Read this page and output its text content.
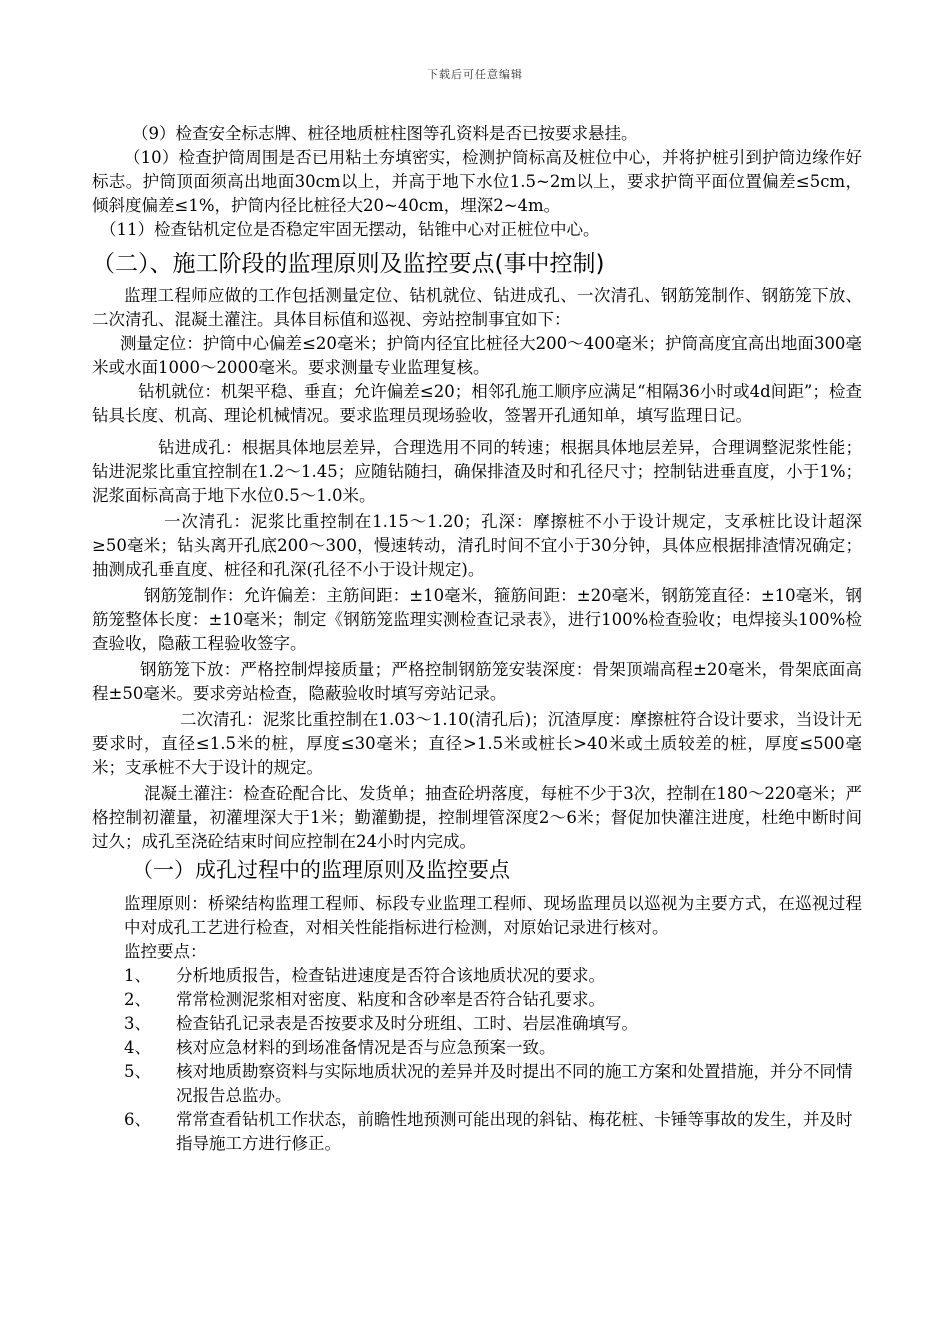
下载后可任意编辑

（9）检查安全标志牌、桩径地质桩柱图等孔资料是否已按要求悬挂。

（10）检查护筒周围是否已用粘土夯填密实，检测护筒标高及桩位中心，并将护桩引到护筒边缘作好标志。护筒顶面须高出地面30cm以上，并高于地下水位1.5~2m以上，要求护筒平面位置偏差≤5cm，倾斜度偏差≤1%，护筒内径比桩径大20~40cm，埋深2~4m。

（11）检查钻机定位是否稳定牢固无摆动，钻锥中心对正桩位中心。

（二）、施工阶段的监理原则及监控要点(事中控制)

监理工程师应做的工作包括测量定位、钻机就位、钻进成孔、一次清孔、钢筋笼制作、钢筋笼下放、二次清孔、混凝土灌注。具体目标值和巡视、旁站控制事宜如下：

测量定位：护筒中心偏差≤20毫米；护筒内径宜比桩径大200～400毫米；护筒高度宜高出地面300毫米或水面1000～2000毫米。要求测量专业监理复核。

钻机就位：机架平稳、垂直；允许偏差≤20；相邻孔施工顺序应满足“相隔36小时或4d间距”；检查钻具长度、机高、理论机械情况。要求监理员现场验收，签署开孔通知单，填写监理日记。

钻进成孔：根据具体地层差异，合理选用不同的转速；根据具体地层差异，合理调整泥浆性能；钻进泥浆比重宜控制在1.2～1.45；应随钻随扫，确保排渣及时和孔径尺寸；控制钻进垂直度，小于1%；泥浆面标高高于地下水位0.5～1.0米。

一次清孔：泥浆比重控制在1.15～1.20；孔深：摩擦桩不小于设计规定，支承桩比设计超深≥50毫米；钻头离开孔底200～300，慢速转动，清孔时间不宜小于30分钟，具体应根据排渣情况确定；抽测成孔垂直度、桩径和孔深(孔径不小于设计规定)。

钢筋笼制作：允许偏差：主筋间距：±10毫米，箍筋间距：±20毫米，钢筋笼直径：±10毫米，钢筋笼整体长度：±10毫米；制定《钢筋笼监理实测检查记录表》，进行100%检查验收；电焊接头100%检查验收，隐蔽工程验收签字。

钢筋笼下放：严格控制焊接质量；严格控制钢筋笼安装深度：骨架顶端高程±20毫米，骨架底面高程±50毫米。要求旁站检查，隐蔽验收时填写旁站记录。

二次清孔：泥浆比重控制在1.03～1.10(清孔后)；沉渣厚度：摩擦桩符合设计要求，当设计无要求时，直径≤1.5米的桩，厚度≤30毫米；直径>1.5米或桩长>40米或土质较差的桩，厚度≤500毫米；支承桩不大于设计的规定。

混凝土灌注：检查砼配合比、发货单；抽查砼坍落度，每桩不少于3次，控制在180～220毫米；严格控制初灌量，初灌埋深大于1米；勤灌勤提，控制埋管深度2～6米；督促加快灌注进度，杜绝中断时间过久；成孔至浇砼结束时间应控制在24小时内完成。

（一）成孔过程中的监理原则及监控要点

监理原则：桥梁结构监理工程师、标段专业监理工程师、现场监理员以巡视为主要方式，在巡视过程中对成孔工艺进行检查，对相关性能指标进行检测，对原始记录进行核对。

监控要点：

1、	分析地质报告，检查钻进速度是否符合该地质状况的要求。
2、	常常检测泥浆相对密度、粘度和含砂率是否符合钻孔要求。
3、	检查钻孔记录表是否按要求及时分班组、工时、岩层准确填写。
4、	核对应急材料的到场准备情况是否与应急预案一致。
5、	核对地质勘察资料与实际地质状况的差异并及时提出不同的施工方案和处置措施，并分不同情况报告总监办。
6、	常常查看钻机工作状态，前瞻性地预测可能出现的斜钻、梅花桩、卡锤等事故的发生，并及时指导施工方进行修正。
